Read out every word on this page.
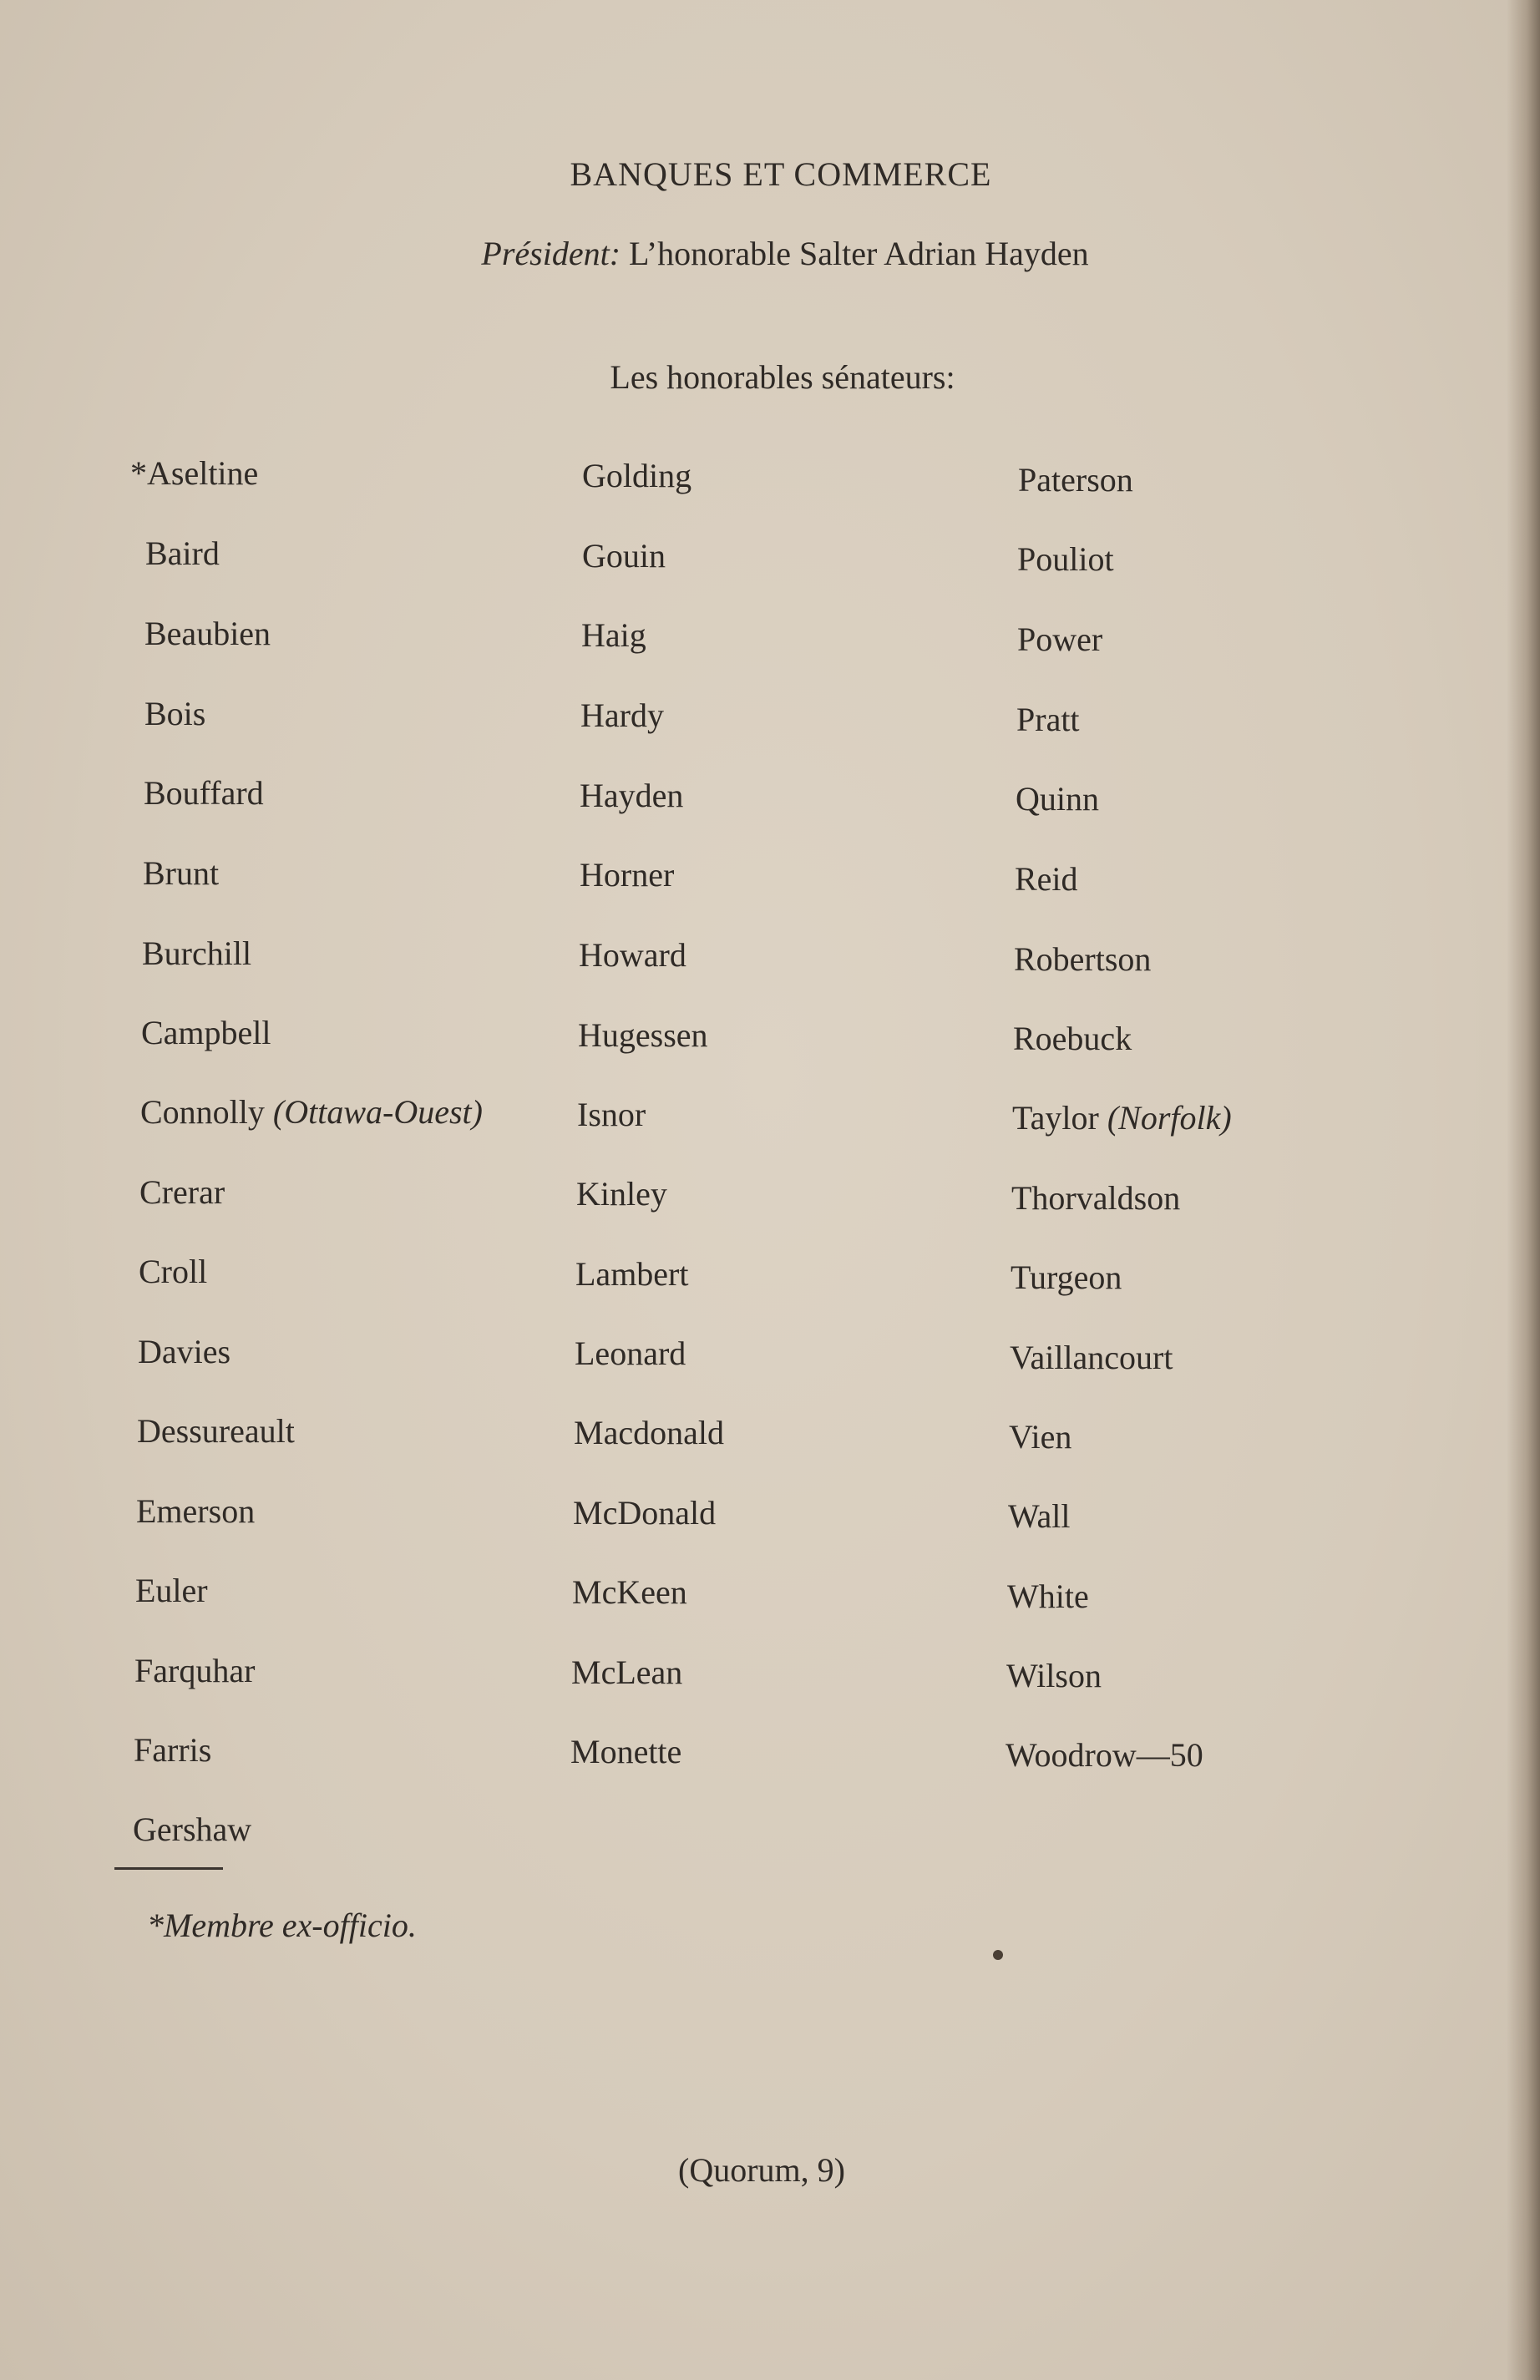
BANQUES ET COMMERCE
Président: L’honorable Salter Adrian Hayden
Les honorables sénateurs:
*Aseltine
Baird
Beaubien
Bois
Bouffard
Brunt
Burchill
Campbell
Connolly (Ottawa-Ouest)
Crerar
Croll
Davies
Dessureault
Emerson
Euler
Farquhar
Farris
Gershaw
Golding
Gouin
Haig
Hardy
Hayden
Horner
Howard
Hugessen
Isnor
Kinley
Lambert
Leonard
Macdonald
McDonald
McKeen
McLean
Monette
Paterson
Pouliot
Power
Pratt
Quinn
Reid
Robertson
Roebuck
Taylor (Norfolk)
Thorvaldson
Turgeon
Vaillancourt
Vien
Wall
White
Wilson
Woodrow—50
*Membre ex-officio.
(Quorum, 9)
